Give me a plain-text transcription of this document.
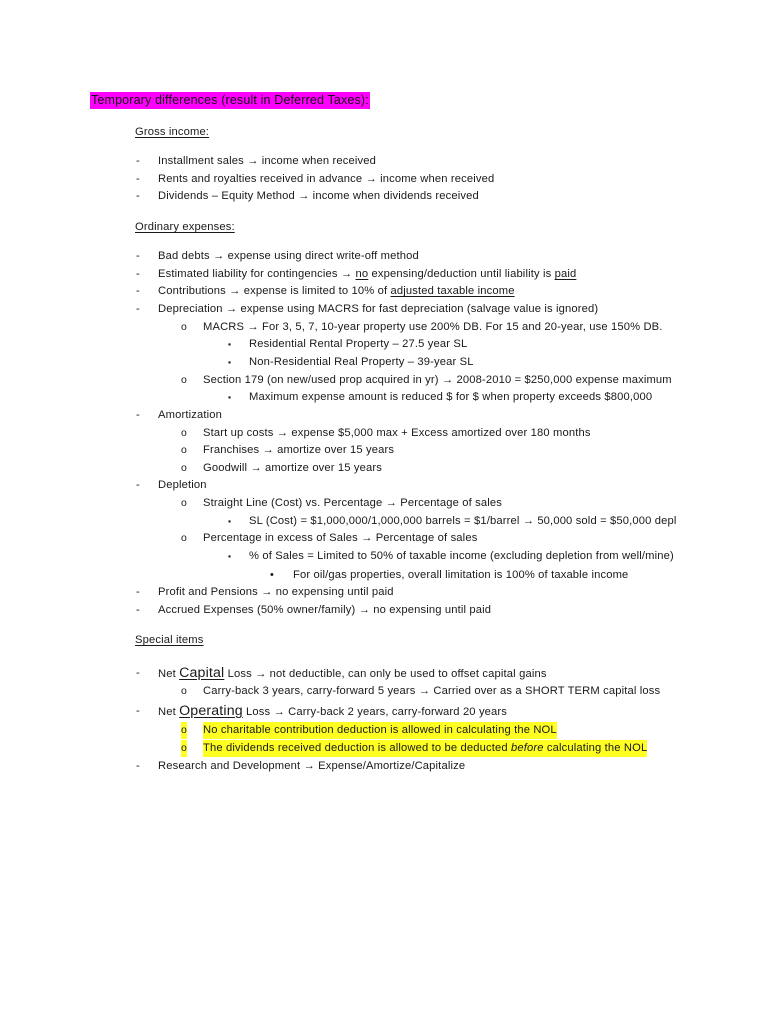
Temporary differences (result in Deferred Taxes):
Gross income:
- Installment sales → income when received
- Rents and royalties received in advance → income when received
- Dividends – Equity Method → income when dividends received
Ordinary expenses:
- Bad debts → expense using direct write-off method
- Estimated liability for contingencies → no expensing/deduction until liability is paid
- Contributions → expense is limited to 10% of adjusted taxable income
- Depreciation → expense using MACRS for fast depreciation (salvage value is ignored)
o MACRS → For 3, 5, 7, 10-year property use 200% DB. For 15 and 20-year, use 150% DB.
▪ Residential Rental Property – 27.5 year SL
▪ Non-Residential Real Property – 39-year SL
o Section 179 (on new/used prop acquired in yr) → 2008-2010 = $250,000 expense maximum
▪ Maximum expense amount is reduced $ for $ when property exceeds $800,000
- Amortization
o Start up costs → expense $5,000 max + Excess amortized over 180 months
o Franchises → amortize over 15 years
o Goodwill → amortize over 15 years
- Depletion
o Straight Line (Cost) vs. Percentage → Percentage of sales
▪ SL (Cost) = $1,000,000/1,000,000 barrels = $1/barrel → 50,000 sold = $50,000 depl
o Percentage in excess of Sales → Percentage of sales
▪ % of Sales = Limited to 50% of taxable income (excluding depletion from well/mine)
• For oil/gas properties, overall limitation is 100% of taxable income
- Profit and Pensions → no expensing until paid
- Accrued Expenses (50% owner/family) → no expensing until paid
Special items
- Net Capital Loss → not deductible, can only be used to offset capital gains
o Carry-back 3 years, carry-forward 5 years → Carried over as a SHORT TERM capital loss
- Net Operating Loss → Carry-back 2 years, carry-forward 20 years
o No charitable contribution deduction is allowed in calculating the NOL
o The dividends received deduction is allowed to be deducted before calculating the NOL
- Research and Development → Expense/Amortize/Capitalize
